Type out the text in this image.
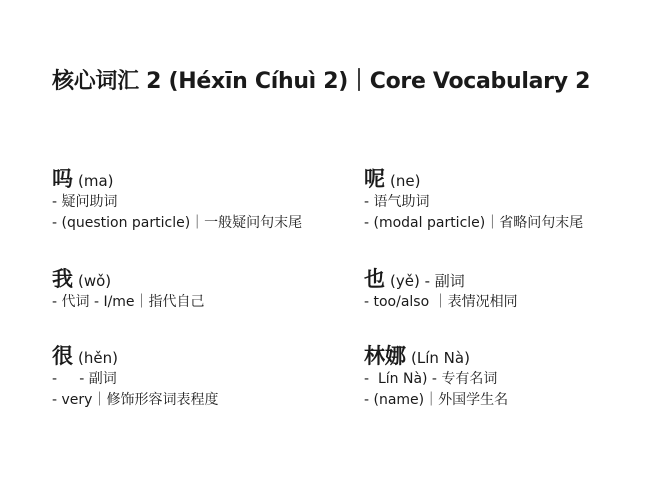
核心词汇 2 (Héxīn Cíhuì 2)｜Core Vocabulary 2
吗 (ma)
- 疑问助词
- (question particle)｜一般疑问句末尾
呢 (ne)
- 语气助词
- (modal particle)｜省略问句末尾
我 (wǒ)
- 代词 - I/me｜指代自己
也 (yě) - 副词
- too/also ｜表情况相同
很 (hěn)
-     - 副词
- very｜修饰形容词表程度
林娜 (Lín Nà)
-  Lín Nà) - 专有名词
- (name)｜外国学生名
